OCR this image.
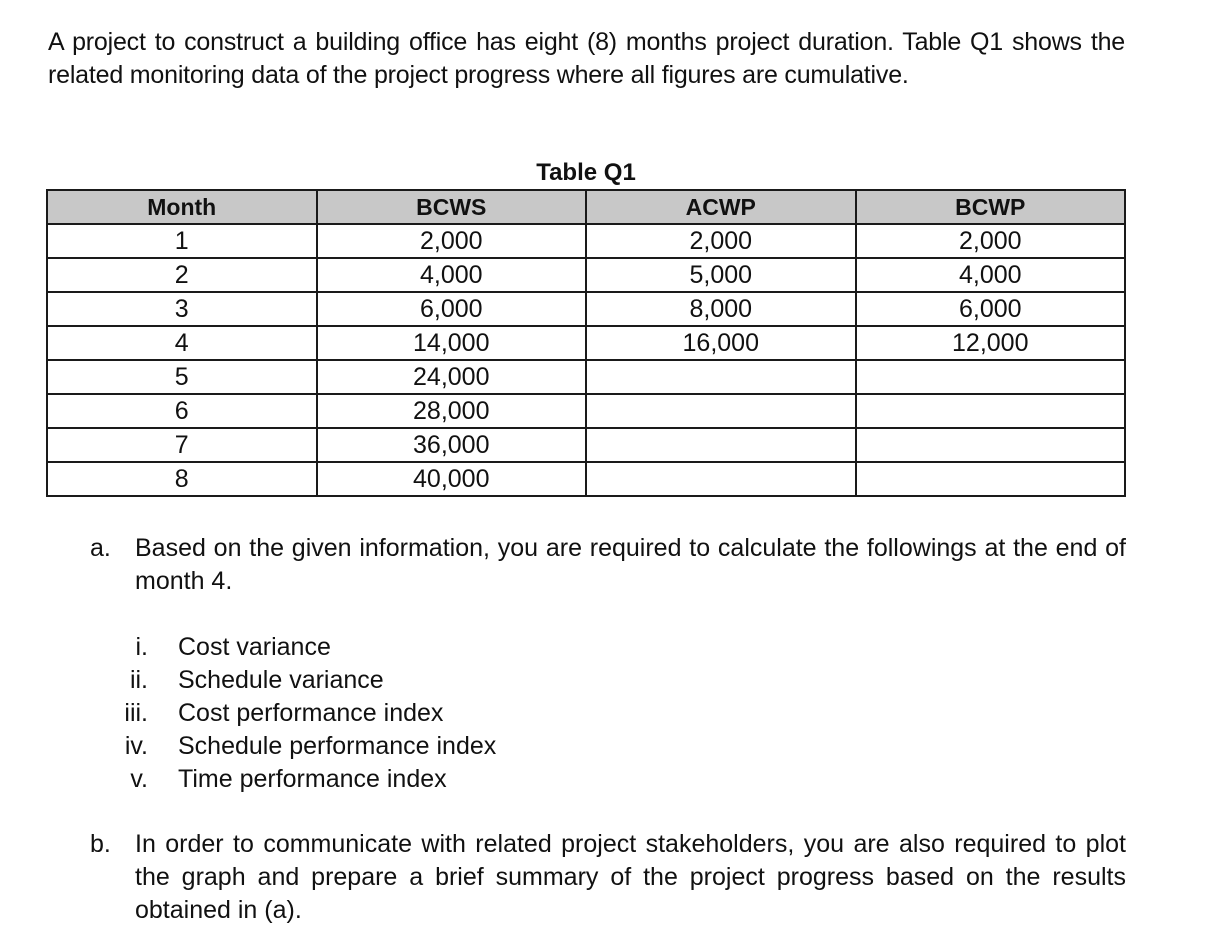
A project to construct a building office has eight (8) months project duration. Table Q1 shows the related monitoring data of the project progress where all figures are cumulative.
Table Q1
Month	BCWS	ACWP	BCWP
1	2,000	2,000	2,000
2	4,000	5,000	4,000
3	6,000	8,000	6,000
4	14,000	16,000	12,000
5	24,000		
6	28,000		
7	36,000		
8	40,000		
a. Based on the given information, you are required to calculate the followings at the end of month 4.
i. Cost variance
ii. Schedule variance
iii. Cost performance index
iv. Schedule performance index
v. Time performance index
b. In order to communicate with related project stakeholders, you are also required to plot the graph and prepare a brief summary of the project progress based on the results obtained in (a).
